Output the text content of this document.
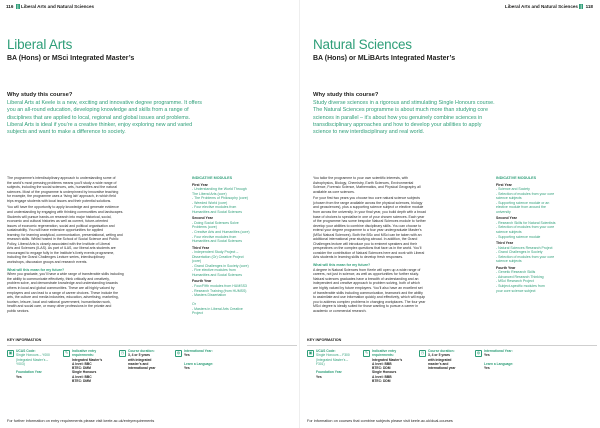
116 | Liberal Arts and Natural Sciences
Liberal Arts
BA (Hons) or MSci Integrated Master’s
Why study this course?
Liberal Arts at Keele is a new, exciting and innovative degree programme. It offers
you an all-round education, developing knowledge and skills from a range of
disciplines that are applied to local, regional and global issues and problems.
Liberal Arts is ideal if you’re a creative thinker, enjoy exploring new and varied
subjects and want to make a difference to society.
The programme’s interdisciplinary approach to understanding some of
the world’s most pressing problems means you’ll study a wide range of
subjects, including the social sciences, arts, humanities and the natural
sciences. Most of the programme is underpinned by innovative teaching
for example, the programme uses a ‘living lab’ approach, in which field
trips engage students with local issues and their potential solutions.
You will have the opportunity to apply knowledge and generate evidence
and understanding by engaging with thinking communities and landscapes.
Students will pursue hands-on research into major historical, social,
economic and cultural histories as well as current, future-oriented
issues of economic regeneration, social and political organisation and
sustainability. You will have extensive opportunities for applied
learning: for learning analytical, communication, presentational, writing and
research skills. Whilst hosted in the School of Social Science and Public
Policy, Liberal Arts is closely associated with the Institute of Liberal
Arts and Sciences (ILAS). As part of ILAS, our liberal arts students are
encouraged to engage fully in the Institute’s lively events programme,
including the Grand Challenges Lecture series, interdisciplinary
workshops, discussion groups and research events.
What will this mean for my future?
When you graduate, you’ll have a wide range of transferable skills including
the ability to communicate effectively, think critically and creatively,
problem solve, and demonstrate knowledge and understanding towards
others in local and global communities. These are all highly valued by
employers and can lead to a range of career choices. These include the
arts, the culture and media industries, education, advertising, marketing,
tourism, leisure, local and national government, humanitarian work,
health and social care, or many other professions in the private and
public sectors.
INDICATIVE MODULES
First Year
- Understanding the World Through
The Liberal Arts (core)
- The Problems of Philosophy (core)
- Weeded World (core)
- Four elective modules from
Humanities and Social Sciences
Second Year
- Doing Social Sciences Solve
Problems (core)
- Creative Arts and Humanities (core)
- Four elective modules from
Humanities and Social Sciences
Third Year
- Independent Study Project –
Dissertation (Or) Creative Project
(core)
- Grand Challenges in Society (core)
- Five elective modules from
Humanities and Social Sciences
Fourth Year
- Four/Fifth modules from HUMSS3
- Research Training (from HUMSS)
- Masters Dissertation

Or
- Masters in Liberal Arts Creative
Project
KEY INFORMATION
▣	UCAS Code:
Single Honours – Y000
(Integrated Master’s –
Y003)

Foundation Year
Yes
✎	Indicative entry
requirements:
Integrated Master’s
A level: BBC
BTEC: DMM
Single Honours
A level: BBC
BTEC: DMM
◷	Course duration:
3, 4 or 5 years
with integrated
master’s and
international year
◍	International Year:
Yes

Learn a Language:
Yes
For further information on entry requirements please visit keele.ac.uk/entryrequirements
Liberal Arts and Natural Sciences | 118
Natural Sciences
BA (Hons) or MLiBArts Integrated Master’s
Why study this course?
Study diverse sciences in a rigorous and stimulating Single Honours course.
The Natural Sciences programme is about much more than studying core
sciences in parallel – it’s about how you genuinely combine sciences in
transdisciplinary approaches and how to develop your abilities to apply
science to new interdisciplinary and real world.
You tailor the programme to your own scientific interests, with
Astrophysics, Biology, Chemistry, Earth Sciences, Environmental
Science, Forensic Science, Mathematics, and Physical Geography all
available as core sciences.
For your first two years you choose two core natural science subjects
(chosen from the range available across the physical sciences, biology
and geosciences), plus a supporting science subject or elective module
from across the university. In your final year, you build depth with a broad
base of choices to specialise in one of your chosen sciences. Each year
of the programme has some bespoke Natural Sciences module to further
develop your abilities to combine disciplinary skills. You can choose to
extend your degree programme to a four year undergraduate Master’s
(MSci Natural Sciences). Both the BSc and MSci can be taken with an
additional international year studying abroad. In addition, the Grand
Challenges lecture will introduce you to eminent speakers and their
perspectives on the complex questions that face us in the world. You’ll
consider the contribution of Natural Sciences here and work with Liberal
Arts students in learning skills to develop fresh responses.
What will this mean for my future?
A degree in Natural Sciences from Keele will open up a wide range of
careers, not just in science, as well as opportunities for further study.
Natural sciences graduates have a breadth of understanding and an
independent and creative approach to problem solving, both of which
are highly valued by future employers. You’ll also have an excellent set
of transferable skills including communication, teamwork and the ability
to assimilate and use information quickly and effectively, which will equip
you to address complex problems in changing workplaces. The four year
MSci degree is ideally suited for those wanting to pursue a career in
academic or commercial research.
INDICATIVE MODULES
First Year
- Science and Society
- Selection of modules from your core
science subjects
- Supporting science module or an
elective module from around the
university
Second Year
- Research Skills for Natural Scientists
- Selection of modules from your core
science subjects
- Supporting science module
Third Year
- Natural Sciences Research Project
- Grand Challenges in Society
- Selection of modules from your core
science subjects
Fourth Year
- Genetic Research Skills
- Advanced Research Thinking
- MSci Research Project
- Subject-specific modules from
your core science subject
KEY INFORMATION
▣	UCAS Code:
Single Honours – F300
(Integrated Master’s –
F301)

Foundation Year
Yes
✎	Indicative entry
requirements:
Integrated Master’s
A level: BBB
BTEC: DDM
Single Honours
A level: BBB
BTEC: DDM
◷	Course duration:
3, 4 or 5 years
with integrated
master’s and
international year
◍	International Year:
Yes

Learn a Language:
Yes
For information on courses that combine subjects please visit keele.ac.uk/dual-courses
